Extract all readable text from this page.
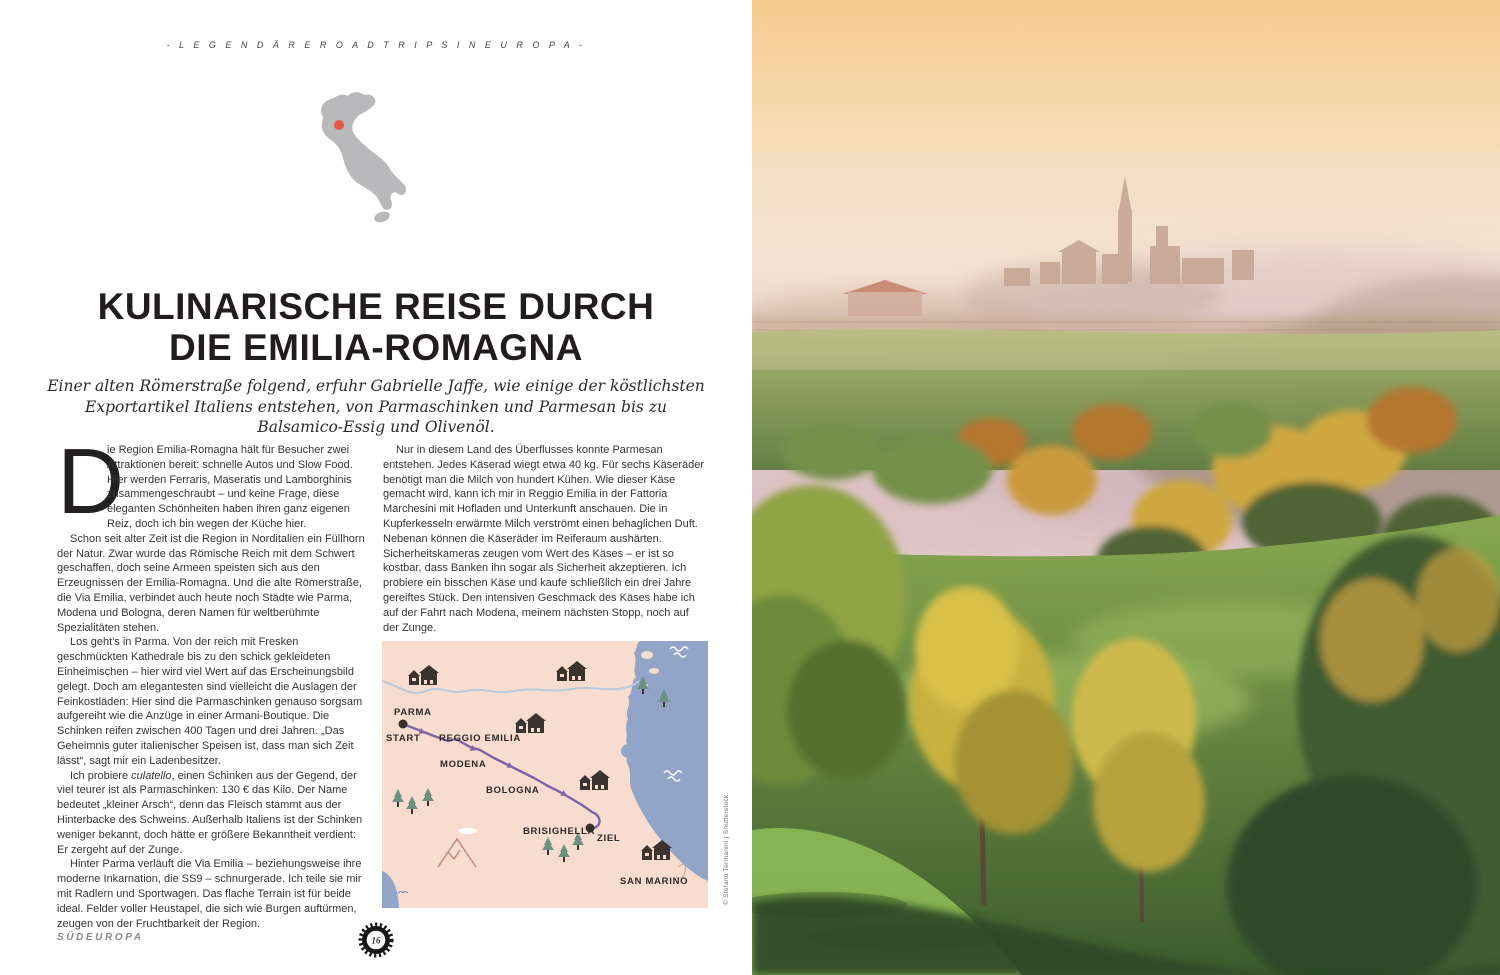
- L E G E N D Ä R E R O A D T R I P S I N E U R O P A -
KULINARISCHE REISE DURCH
DIE EMILIA-ROMAGNA
Einer alten Römerstraße folgend, erfuhr Gabrielle Jaffe, wie einige der köstlichsten Exportartikel Italiens entstehen, von Parmaschinken und Parmesan bis zu Balsamico-Essig und Olivenöl.

D
ie Region Emilia-Romagna hält für Besucher zwei Attraktionen bereit: schnelle Autos und Slow Food. Hier werden Ferraris, Maseratis und Lamborghinis zusammengeschraubt – und keine Frage, diese eleganten Schönheiten haben ihren ganz eigenen Reiz, doch ich bin wegen der Küche hier.

Schon seit alter Zeit ist die Region in Norditalien ein Füllhorn der Natur. Zwar wurde das Römische Reich mit dem Schwert geschaffen, doch seine Armeen speisten sich aus den Erzeugnissen der Emilia-Romagna. Und die alte Römerstraße, die Via Emilia, verbindet auch heute noch Städte wie Parma, Modena und Bologna, deren Namen für weltberühmte Spezialitäten stehen.

Los geht's in Parma. Von der reich mit Fresken geschmückten Kathedrale bis zu den schick gekleideten Einheimischen – hier wird viel Wert auf das Erscheinungsbild gelegt. Doch am elegantesten sind vielleicht die Auslagen der Feinkostläden: Hier sind die Parmaschinken genauso sorgsam aufgereiht wie die Anzüge in einer Armani-Boutique. Die Schinken reifen zwischen 400 Tagen und drei Jahren. „Das Geheimnis guter italienischer Speisen ist, dass man sich Zeit lässt“, sagt mir ein Ladenbesitzer.

Ich probiere culatello, einen Schinken aus der Gegend, der viel teurer ist als Parmaschinken: 130 € das Kilo. Der Name bedeutet „kleiner Arsch“, denn das Fleisch stammt aus der Hinterbacke des Schweins. Außerhalb Italiens ist der Schinken weniger bekannt, doch hätte er größere Bekanntheit verdient: Er zergeht auf der Zunge.

Hinter Parma verläuft die Via Emilia – beziehungsweise ihre moderne Inkarnation, die SS9 – schnurgerade. Ich teile sie mir mit Radlern und Sportwagen. Das flache Terrain ist für beide ideal. Felder voller Heustapel, die sich wie Burgen auftürmen, zeugen von der Fruchtbarkeit der Region.

Nur in diesem Land des Überflusses konnte Parmesan entstehen. Jedes Käserad wiegt etwa 40 kg. Für sechs Käseräder benötigt man die Milch von hundert Kühen. Wie dieser Käse gemacht wird, kann ich mir in Reggio Emilia in der Fattoria Marchesini mit Hofladen und Unterkunft anschauen. Die in Kupferkesseln erwärmte Milch verströmt einen behaglichen Duft. Nebenan können die Käseräder im Reiferaum aushärten. Sicherheitskameras zeugen vom Wert des Käses – er ist so kostbar, dass Banken ihn sogar als Sicherheit akzeptieren. Ich probiere ein bisschen Käse und kaufe schließlich ein drei Jahre gereiftes Stück. Den intensiven Geschmack des Käses habe ich auf der Fahrt nach Modena, meinem nächsten Stopp, noch auf der Zunge.

PARMA
START REGGIO EMILIA
MODENA
BOLOGNA
BRISIGHELLA
ZIEL
SAN MARINO
SÜDEUROPA	16
© Stefano Termanini | Shutterstock
